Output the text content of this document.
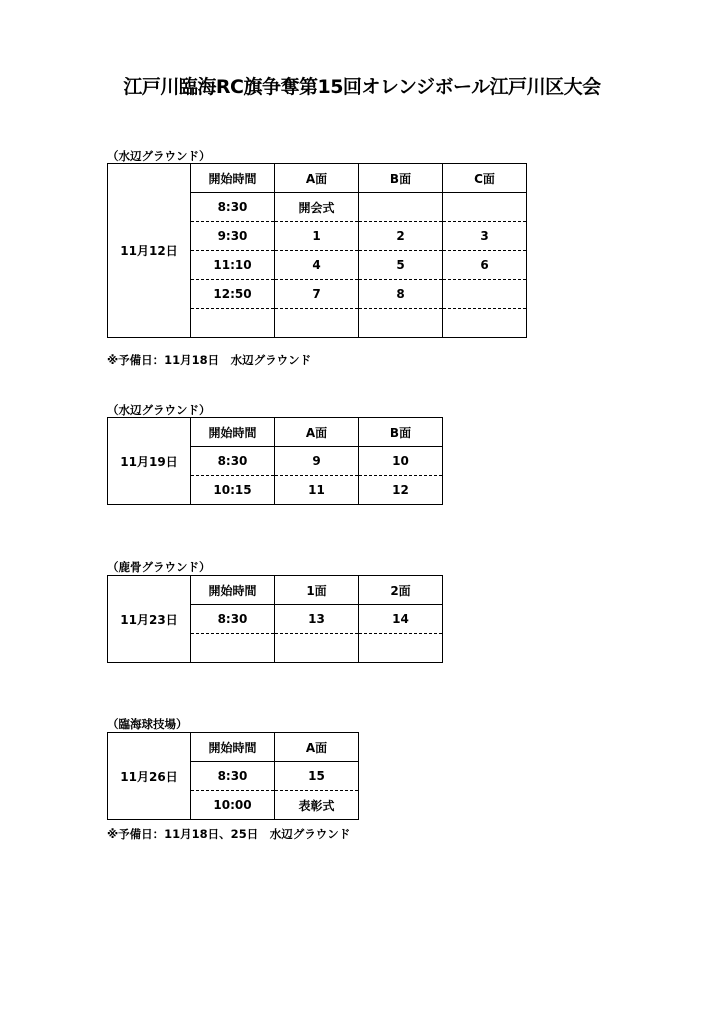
江戸川臨海RC旗争奪第15回オレンジボール江戸川区大会
（水辺グラウンド）
11月12日	開始時間	A面	B面	C面
	8:30	開会式		
	9:30	1	2	3
	11:10	4	5	6
	12:50	7	8	

※予備日：11月18日　水辺グラウンド
（水辺グラウンド）
11月19日	開始時間	A面	B面
	8:30	9	10
	10:15	11	12
（鹿骨グラウンド）
11月23日	開始時間	1面	2面
	8:30	13	14

（臨海球技場）
11月26日	開始時間	A面
	8:30	15
	10:00	表彰式
※予備日：11月18日、25日　水辺グラウンド
